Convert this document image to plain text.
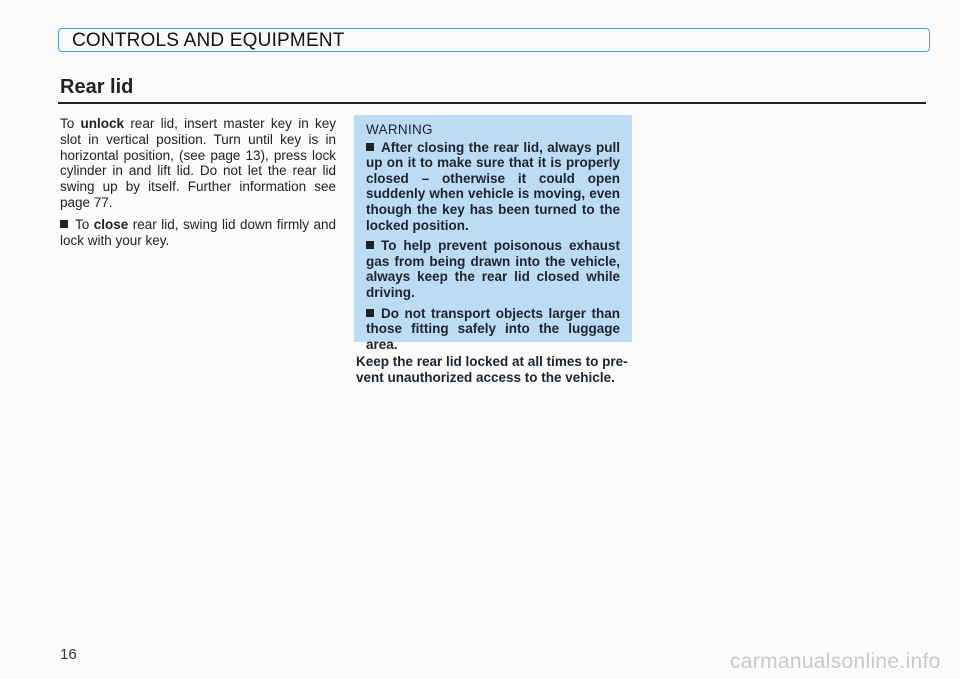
CONTROLS AND EQUIPMENT
Rear lid

To unlock rear lid, insert master key in key slot in vertical position. Turn until key is in horizontal position, (see page 13), press lock cylinder in and lift lid. Do not let the rear lid swing up by itself. Further information see page 77.

To close rear lid, swing lid down firmly and lock with your key.

WARNING

After closing the rear lid, always pull up on it to make sure that it is properly closed – otherwise it could open suddenly when vehicle is moving, even though the key has been turned to the locked position.

To help prevent poisonous exhaust gas from being drawn into the vehicle, always keep the rear lid closed while driving.

Do not transport objects larger than those fitting safely into the luggage area.

Keep the rear lid locked at all times to pre-vent unauthorized access to the vehicle.
16	carmanualsonline.info
